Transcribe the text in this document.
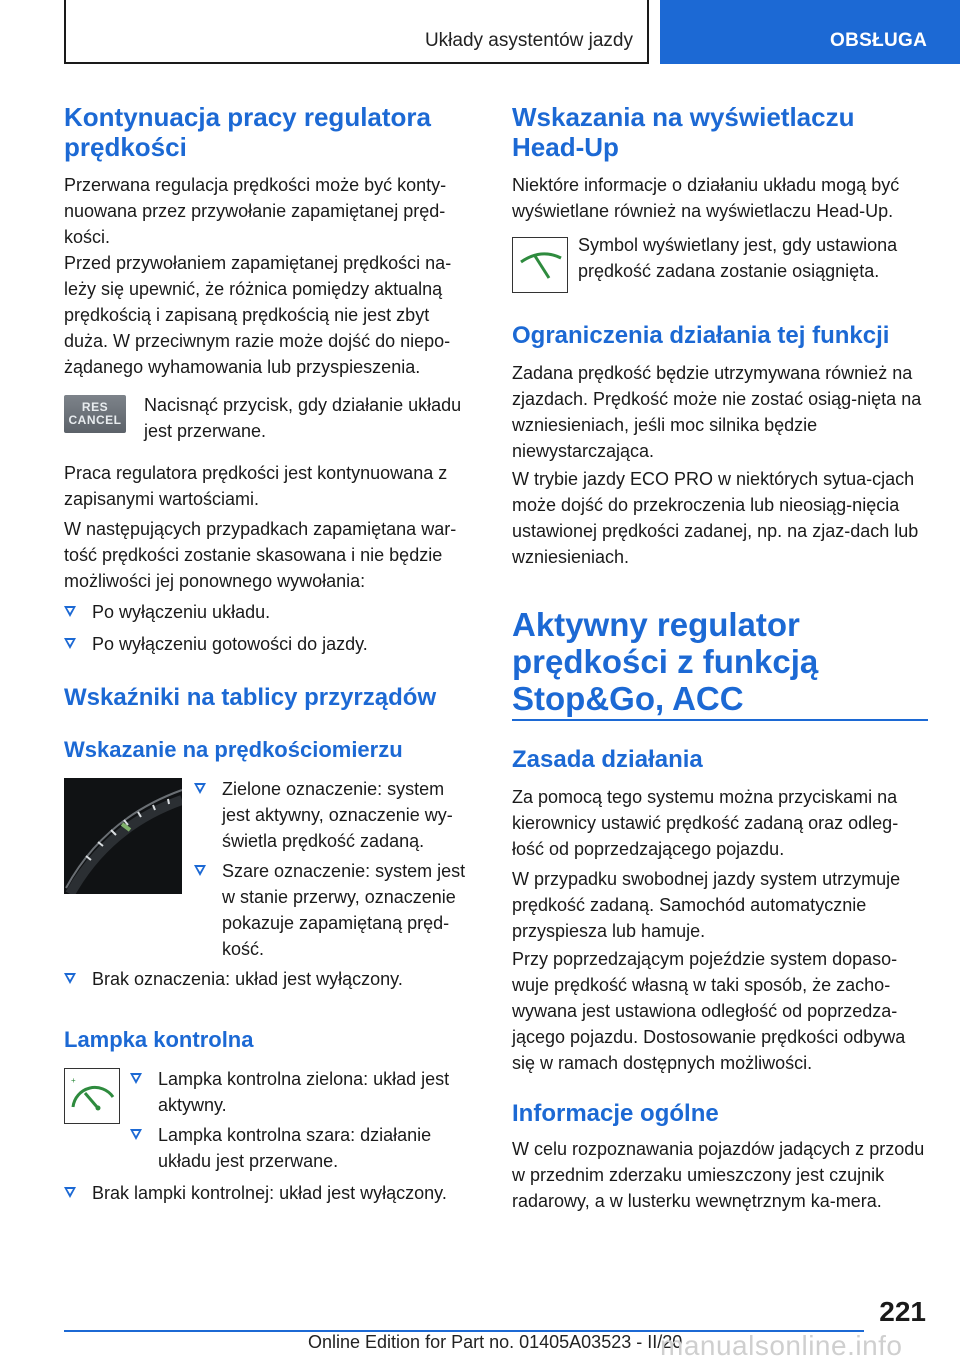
Układy asystentów jazdy	OBSŁUGA
Kontynuacja pracy regulatora prędkości

Przerwana regulacja prędkości może być konty-nuowana przez przywołanie zapamiętanej pręd-kości.

Przed przywołaniem zapamiętanej prędkości na-leży się upewnić, że różnica pomiędzy aktualną prędkością i zapisaną prędkością nie jest zbyt duża. W przeciwnym razie może dojść do niepo-żądanego wyhamowania lub przyspieszenia.

Nacisnąć przycisk, gdy działanie układu jest przerwane.

Praca regulatora prędkości jest kontynuowana z zapisanymi wartościami.

W następujących przypadkach zapamiętana war-tość prędkości zostanie skasowana i nie będzie możliwości jej ponownego wywołania:

Po wyłączeniu układu.
Po wyłączeniu gotowości do jazdy.
Wskaźniki na tablicy przyrządów
Wskazanie na prędkościomierzu
Zielone oznaczenie: system jest aktywny, oznaczenie wy-świetla prędkość zadaną.
Szare oznaczenie: system jest w stanie przerwy, oznaczenie pokazuje zapamiętaną pręd-kość.
Brak oznaczenia: układ jest wyłączony.
Lampka kontrolna
Lampka kontrolna zielona: układ jest aktywny.
Lampka kontrolna szara: działanie układu jest przerwane.
Brak lampki kontrolnej: układ jest wyłączony.
RES
CANCEL
+
Wskazania na wyświetlaczu Head-Up

Niektóre informacje o działaniu układu mogą być wyświetlane również na wyświetlaczu Head-Up.

Symbol wyświetlany jest, gdy ustawiona prędkość zadana zostanie osiągnięta.

Ograniczenia działania tej funkcji

Zadana prędkość będzie utrzymywana również na zjazdach. Prędkość może nie zostać osiąg-nięta na wzniesieniach, jeśli moc silnika będzie niewystarczająca.

W trybie jazdy ECO PRO w niektórych sytua-cjach może dojść do przekroczenia lub nieosiąg-nięcia ustawionej prędkości zadanej, np. na zjaz-dach lub wzniesieniach.

Aktywny regulator prędkości z funkcją Stop&Go, ACC
Zasada działania

Za pomocą tego systemu można przyciskami na kierownicy ustawić prędkość zadaną oraz odleg-łość od poprzedzającego pojazdu.

W przypadku swobodnej jazdy system utrzymuje prędkość zadaną. Samochód automatycznie przyspiesza lub hamuje.

Przy poprzedzającym pojeździe system dopaso-wuje prędkość własną w taki sposób, że zacho-wywana jest ustawiona odległość od poprzedza-jącego pojazdu. Dostosowanie prędkości odbywa się w ramach dostępnych możliwości.

Informacje ogólne

W celu rozpoznawania pojazdów jadących z przodu w przednim zderzaku umieszczony jest czujnik radarowy, a w lusterku wewnętrznym ka-mera.

221
Online Edition for Part no. 01405A03523 - II/20
manualsonline.info
